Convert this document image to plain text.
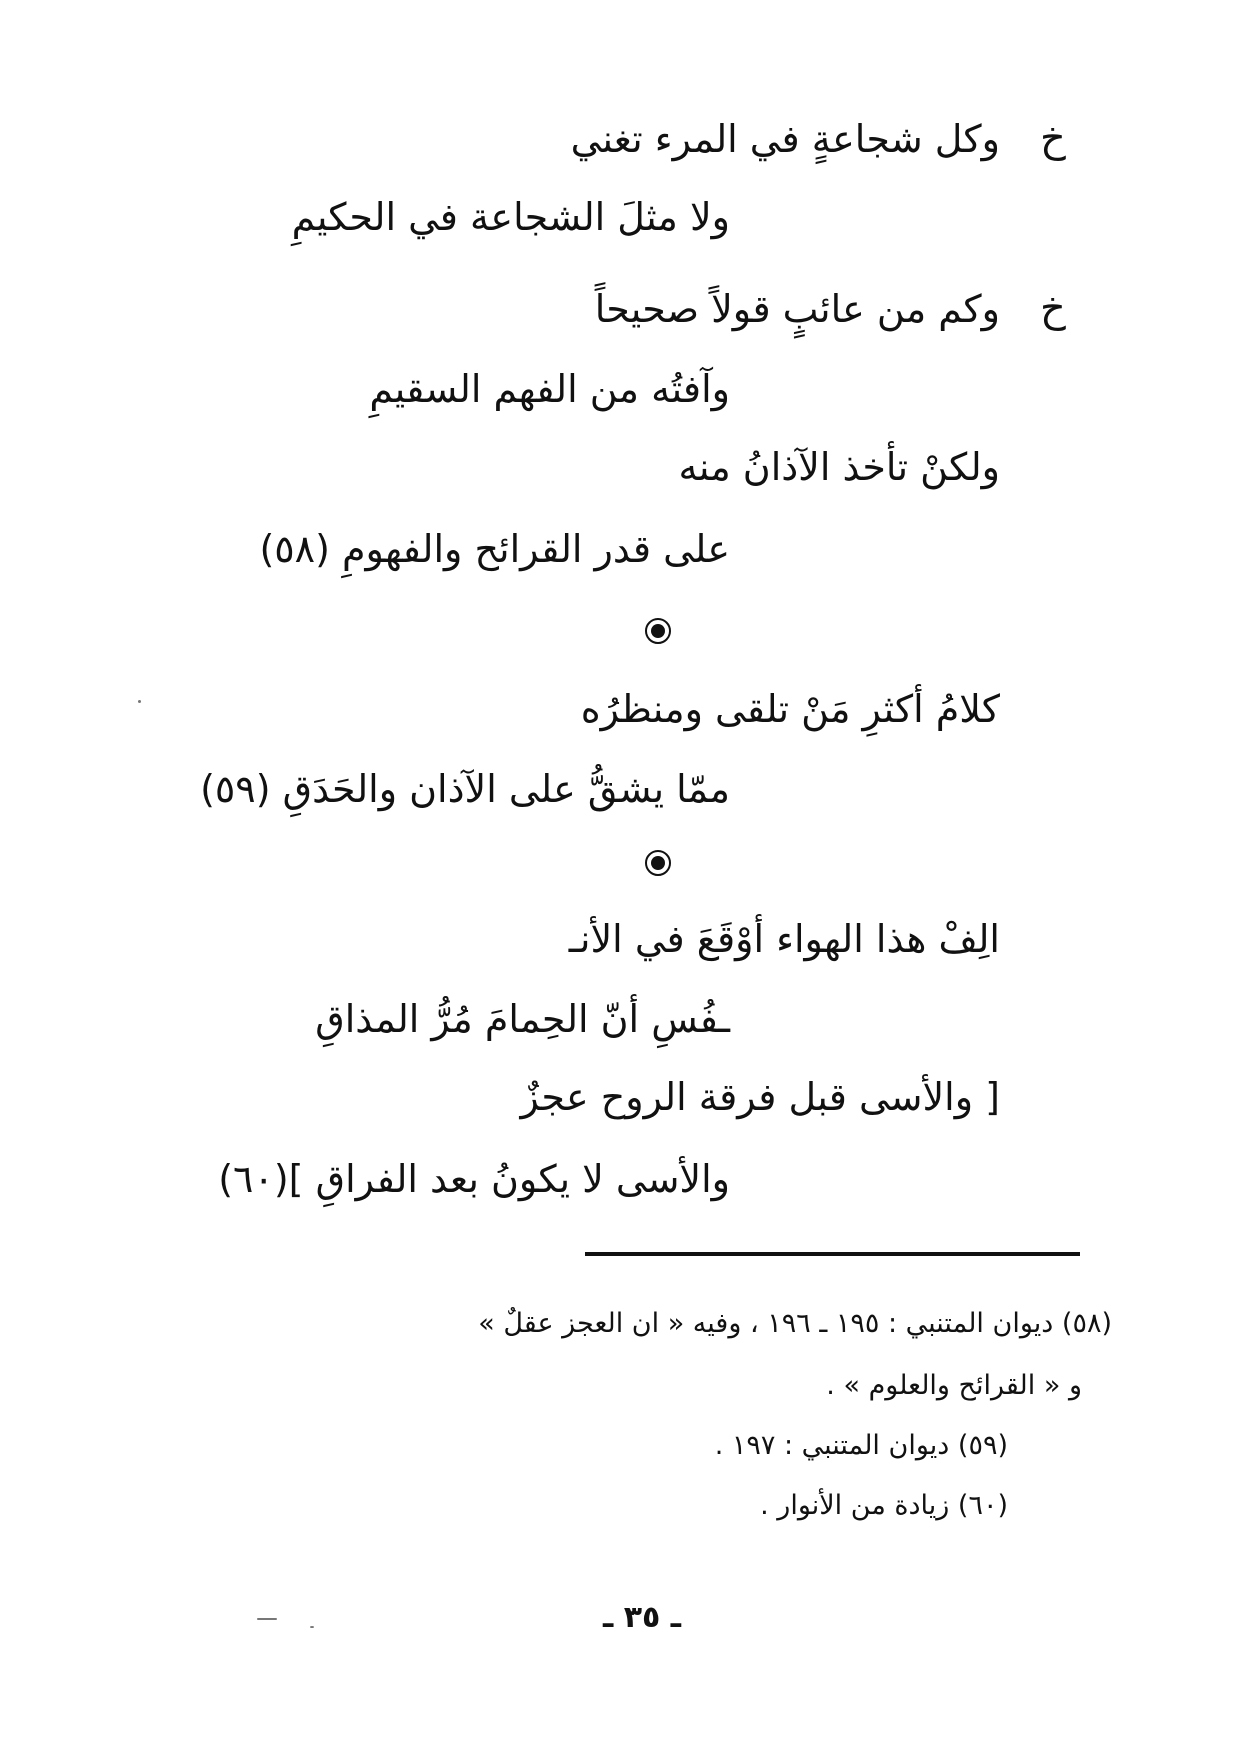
خ
وكل شجاعةٍ في المرء تغني
ولا مثلَ الشجاعة في الحكيمِ
خ
وكم من عائبٍ قولاً صحيحاً
وآفتُه من الفهم السقيمِ
ولكنْ تأخذ الآذانُ منه
على قدر القرائح والفهومِ (٥٨)
كلامُ أكثرِ مَنْ تلقى ومنظرُه
ممّا يشقُّ على الآذان والحَدَقِ (٥٩)
الِفْ هذا الهواء أوْقَعَ في الأنـ
ـفُسِ أنّ الحِمامَ مُرُّ المذاقِ
[ والأسى قبل فرقة الروح عجزٌ
والأسى لا يكونُ بعد الفراقِ ](٦٠)
(٥٨) ديوان المتنبي : ١٩٥ ـ ١٩٦ ، وفيه « ان العجز عقلٌ »
و « القرائح والعلوم » .
(٥٩) ديوان المتنبي : ١٩٧ .
(٦٠) زيادة من الأنوار .
ـ ٣٥ ـ
